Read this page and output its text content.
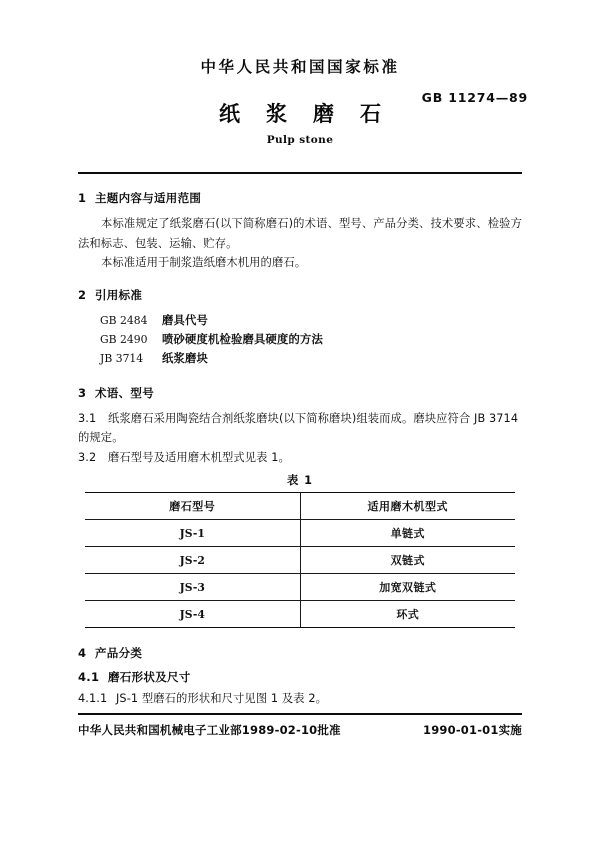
中华人民共和国国家标准
GB 11274—89
纸浆磨石
Pulp stone
1 主题内容与适用范围

本标准规定了纸浆磨石(以下简称磨石)的术语、型号、产品分类、技术要求、检验方法和标志、包装、运输、贮存。

本标准适用于制浆造纸磨木机用的磨石。

2 引用标准
GB 2484 磨具代号
GB 2490 喷砂硬度机检验磨具硬度的方法
JB 3714 纸浆磨块
3 术语、型号

3.1 纸浆磨石采用陶瓷结合剂纸浆磨块(以下简称磨块)组装而成。磨块应符合 JB 3714 的规定。

3.2 磨石型号及适用磨木机型式见表 1。

表 1
磨石型号	适用磨木机型式
JS-1	单链式
JS-2	双链式
JS-3	加宽双链式
JS-4	环式
4 产品分类
4.1 磨石形状及尺寸

4.1.1 JS-1 型磨石的形状和尺寸见图 1 及表 2。

中华人民共和国机械电子工业部1989-02-10批准	1990-01-01实施
